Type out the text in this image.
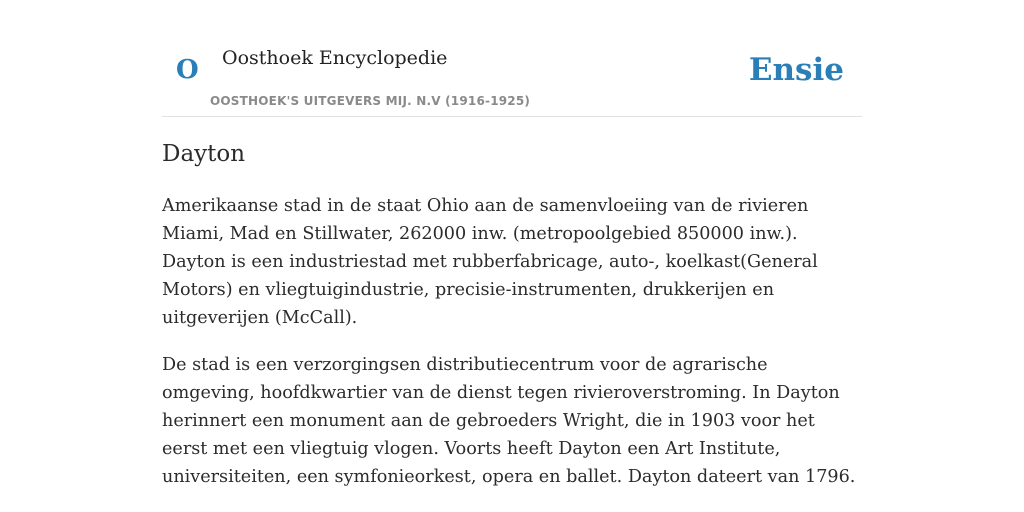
O Oosthoek Encyclopedie
OOSTHOEK'S UITGEVERS MIJ. N.V (1916-1925)
Ensie
Dayton

Amerikaanse stad in de staat Ohio aan de samenvloeiing van de rivieren Miami, Mad en Stillwater, 262000 inw. (metropoolgebied 850000 inw.). Dayton is een industriestad met rubberfabricage, auto-, koelkast(General Motors) en vliegtuigindustrie, precisie-instrumenten, drukkerijen en uitgeverijen (McCall).

De stad is een verzorgingsen distributiecentrum voor de agrarische omgeving, hoofdkwartier van de dienst tegen rivieroverstroming. In Dayton herinnert een monument aan de gebroeders Wright, die in 1903 voor het eerst met een vliegtuig vlogen. Voorts heeft Dayton een Art Institute, universiteiten, een symfonieorkest, opera en ballet. Dayton dateert van 1796.
